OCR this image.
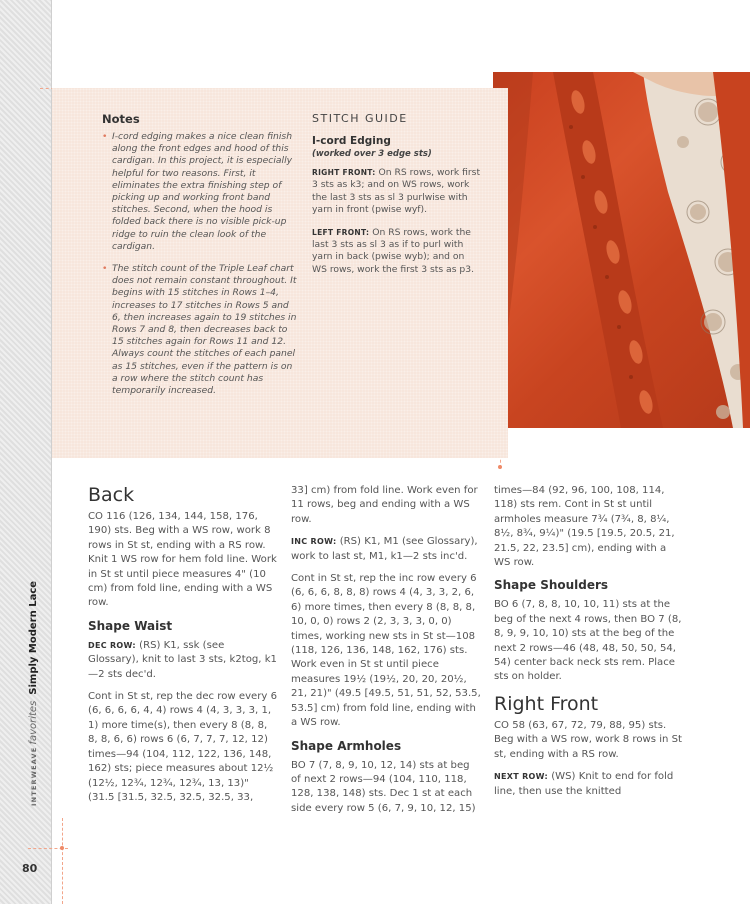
INTERWEAVEfavoritesSimply Modern Lace
80
Notes
• I-cord edging makes a nice clean finish along the front edges and hood of this cardigan. In this project, it is especially helpful for two reasons. First, it eliminates the extra finishing step of picking up and working front band stitches. Second, when the hood is folded back there is no visible pick-up ridge to ruin the clean look of the cardigan.
• The stitch count of the Triple Leaf chart does not remain constant throughout. It begins with 15 stitches in Rows 1–4, increases to 17 stitches in Rows 5 and 6, then increases again to 19 stitches in Rows 7 and 8, then decreases back to 15 stitches again for Rows 11 and 12. Always count the stitches of each panel as 15 stitches, even if the pattern is on a row where the stitch count has temporarily increased.
STITCH GUIDE
I-cord Edging
(worked over 3 edge sts)

RIGHT FRONT: On RS rows, work first 3 sts as k3; and on WS rows, work the last 3 sts as sl 3 purlwise with yarn in front (pwise wyf).

LEFT FRONT: On RS rows, work the last 3 sts as sl 3 as if to purl with yarn in back (pwise wyb); and on WS rows, work the first 3 sts as p3.

Back

CO 116 (126, 134, 144, 158, 176, 190) sts. Beg with a WS row, work 8 rows in St st, ending with a RS row. Knit 1 WS row for hem fold line. Work in St st until piece measures 4" (10 cm) from fold line, ending with a WS row.

Shape Waist

DEC ROW: (RS) K1, ssk (see Glossary), knit to last 3 sts, k2tog, k1—2 sts dec'd.

Cont in St st, rep the dec row every 6 (6, 6, 6, 6, 4, 4) rows 4 (4, 3, 3, 3, 1, 1) more time(s), then every 8 (8, 8, 8, 8, 6, 6) rows 6 (6, 7, 7, 7, 12, 12) times—94 (104, 112, 122, 136, 148, 162) sts; piece measures about 12½ (12½, 12¾, 12¾, 12¾, 13, 13)" (31.5 [31.5, 32.5, 32.5, 32.5, 33,

33] cm) from fold line. Work even for 11 rows, beg and ending with a WS row.

INC ROW: (RS) K1, M1 (see Glossary), work to last st, M1, k1—2 sts inc'd.

Cont in St st, rep the inc row every 6 (6, 6, 6, 8, 8, 8) rows 4 (4, 3, 3, 2, 6, 6) more times, then every 8 (8, 8, 8, 10, 0, 0) rows 2 (2, 3, 3, 3, 0, 0) times, working new sts in St st—108 (118, 126, 136, 148, 162, 176) sts. Work even in St st until piece measures 19½ (19½, 20, 20, 20½, 21, 21)" (49.5 [49.5, 51, 51, 52, 53.5, 53.5] cm) from fold line, ending with a WS row.

Shape Armholes

BO 7 (7, 8, 9, 10, 12, 14) sts at beg of next 2 rows—94 (104, 110, 118, 128, 138, 148) sts. Dec 1 st at each side every row 5 (6, 7, 9, 10, 12, 15)

times—84 (92, 96, 100, 108, 114, 118) sts rem. Cont in St st until armholes measure 7¾ (7¾, 8, 8¼, 8½, 8¾, 9¼)" (19.5 [19.5, 20.5, 21, 21.5, 22, 23.5] cm), ending with a WS row.

Shape Shoulders

BO 6 (7, 8, 8, 10, 10, 11) sts at the beg of the next 4 rows, then BO 7 (8, 8, 9, 9, 10, 10) sts at the beg of the next 2 rows—46 (48, 48, 50, 50, 54, 54) center back neck sts rem. Place sts on holder.

Right Front

CO 58 (63, 67, 72, 79, 88, 95) sts. Beg with a WS row, work 8 rows in St st, ending with a RS row.

NEXT ROW: (WS) Knit to end for fold line, then use the knitted
